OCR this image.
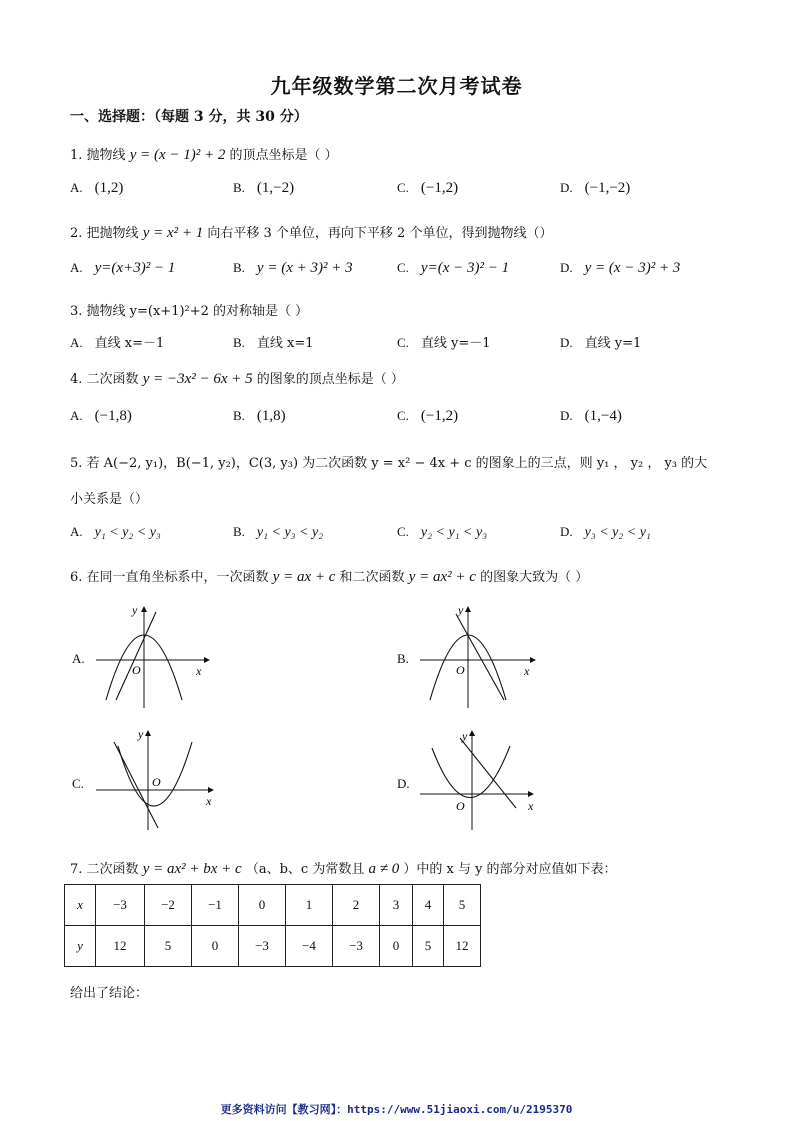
九年级数学第二次月考试卷
一、选择题：（每题 3 分，共 30 分）
1. 抛物线 y = (x − 1)² + 2 的顶点坐标是（ ）
A. (1,2)	B. (1,−2)	C. (−1,2)	D. (−1,−2)
2. 把抛物线 y = x² + 1 向右平移 3 个单位，再向下平移 2 个单位，得到抛物线（）
A. y=(x+3)² − 1	B. y = (x + 3)² + 3	C. y=(x − 3)² − 1	D. y = (x − 3)² + 3
3. 抛物线 y=(x+1)²+2 的对称轴是（ ）
A. 直线 x=－1	B. 直线 x=1	C. 直线 y=－1	D. 直线 y=1
4. 二次函数 y = −3x² − 6x + 5 的图象的顶点坐标是（ ）
A. (−1,8)	B. (1,8)	C. (−1,2)	D. (1,−4)
5. 若 A(−2, y₁)，B(−1, y₂)，C(3, y₃) 为二次函数 y = x² − 4x + c 的图象上的三点，则 y₁ ， y₂ ， y₃ 的大
小关系是（）
A. y₁ < y₂ < y₃	B. y₁ < y₃ < y₂	C. y₂ < y₁ < y₃	D. y₃ < y₂ < y₁
6. 在同一直角坐标系中，一次函数 y = ax + c 和二次函数 y = ax² + c 的图象大致为（ ）
A.
x
y
O
B.
x
y
O
C.
x
y
O	D.
x
y
O
7. 二次函数 y = ax² + bx + c （a、b、c 为常数且 a ≠ 0 ）中的 x 与 y 的部分对应值如下表：
x	−3	−2	−1	0	1	2	3	4	5
y	12	5	0	−3	−4	−3	0	5	12
给出了结论：
更多资料访问【教习网】：https://www.51jiaoxi.com/u/2195370
